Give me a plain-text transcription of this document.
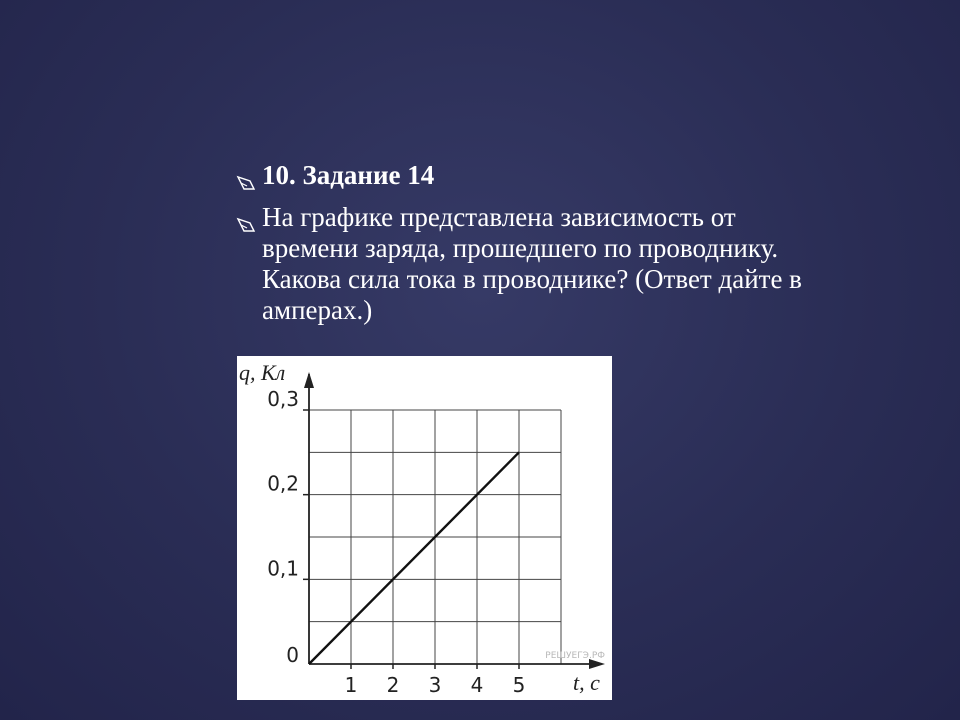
10. Задание 14
На графике представлена зависимость от времени заряда, прошедшего по проводнику. Какова сила тока в проводнике? (Ответ дайте в амперах.)
0,3
0,2
0,1
0
1 2 3 4 5
q, Кл
t, c
РЕШУЕГЭ.РФ
